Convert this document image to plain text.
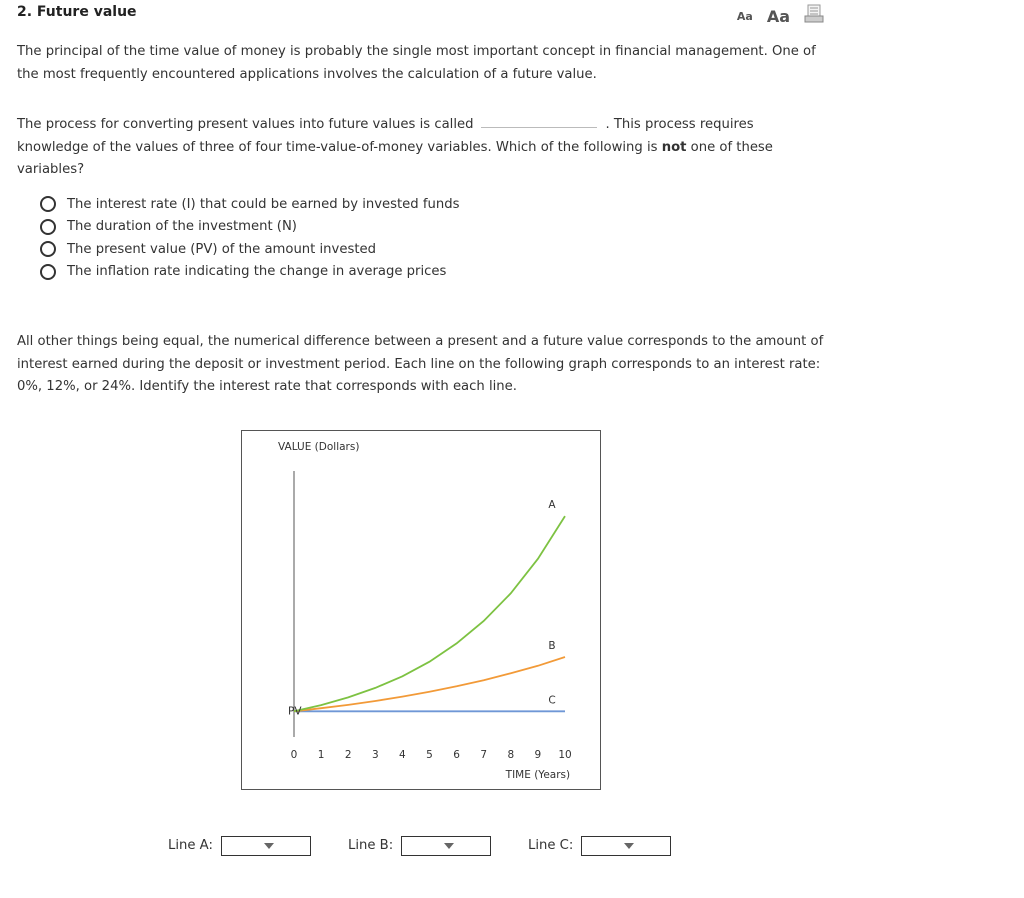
2. Future value	Aa Aa
The principal of the time value of money is probably the single most important concept in financial management. One of the most frequently encountered applications involves the calculation of a future value.
The process for converting present values into future values is called	. This process requires knowledge of the values of three of four time-value-of-money variables. Which of the following is not one of these variables?
The interest rate (I) that could be earned by invested funds
The duration of the investment (N)
The present value (PV) of the amount invested
The inflation rate indicating the change in average prices
All other things being equal, the numerical difference between a present and a future value corresponds to the amount of interest earned during the deposit or investment period. Each line on the following graph corresponds to an interest rate: 0%, 12%, or 24%. Identify the interest rate that corresponds with each line.
VALUE (Dollars)
A
B
C
PV
0 1 2 3 4 5 6 7 8 9 10
TIME (Years)
Line A:	Line B:	Line C:
